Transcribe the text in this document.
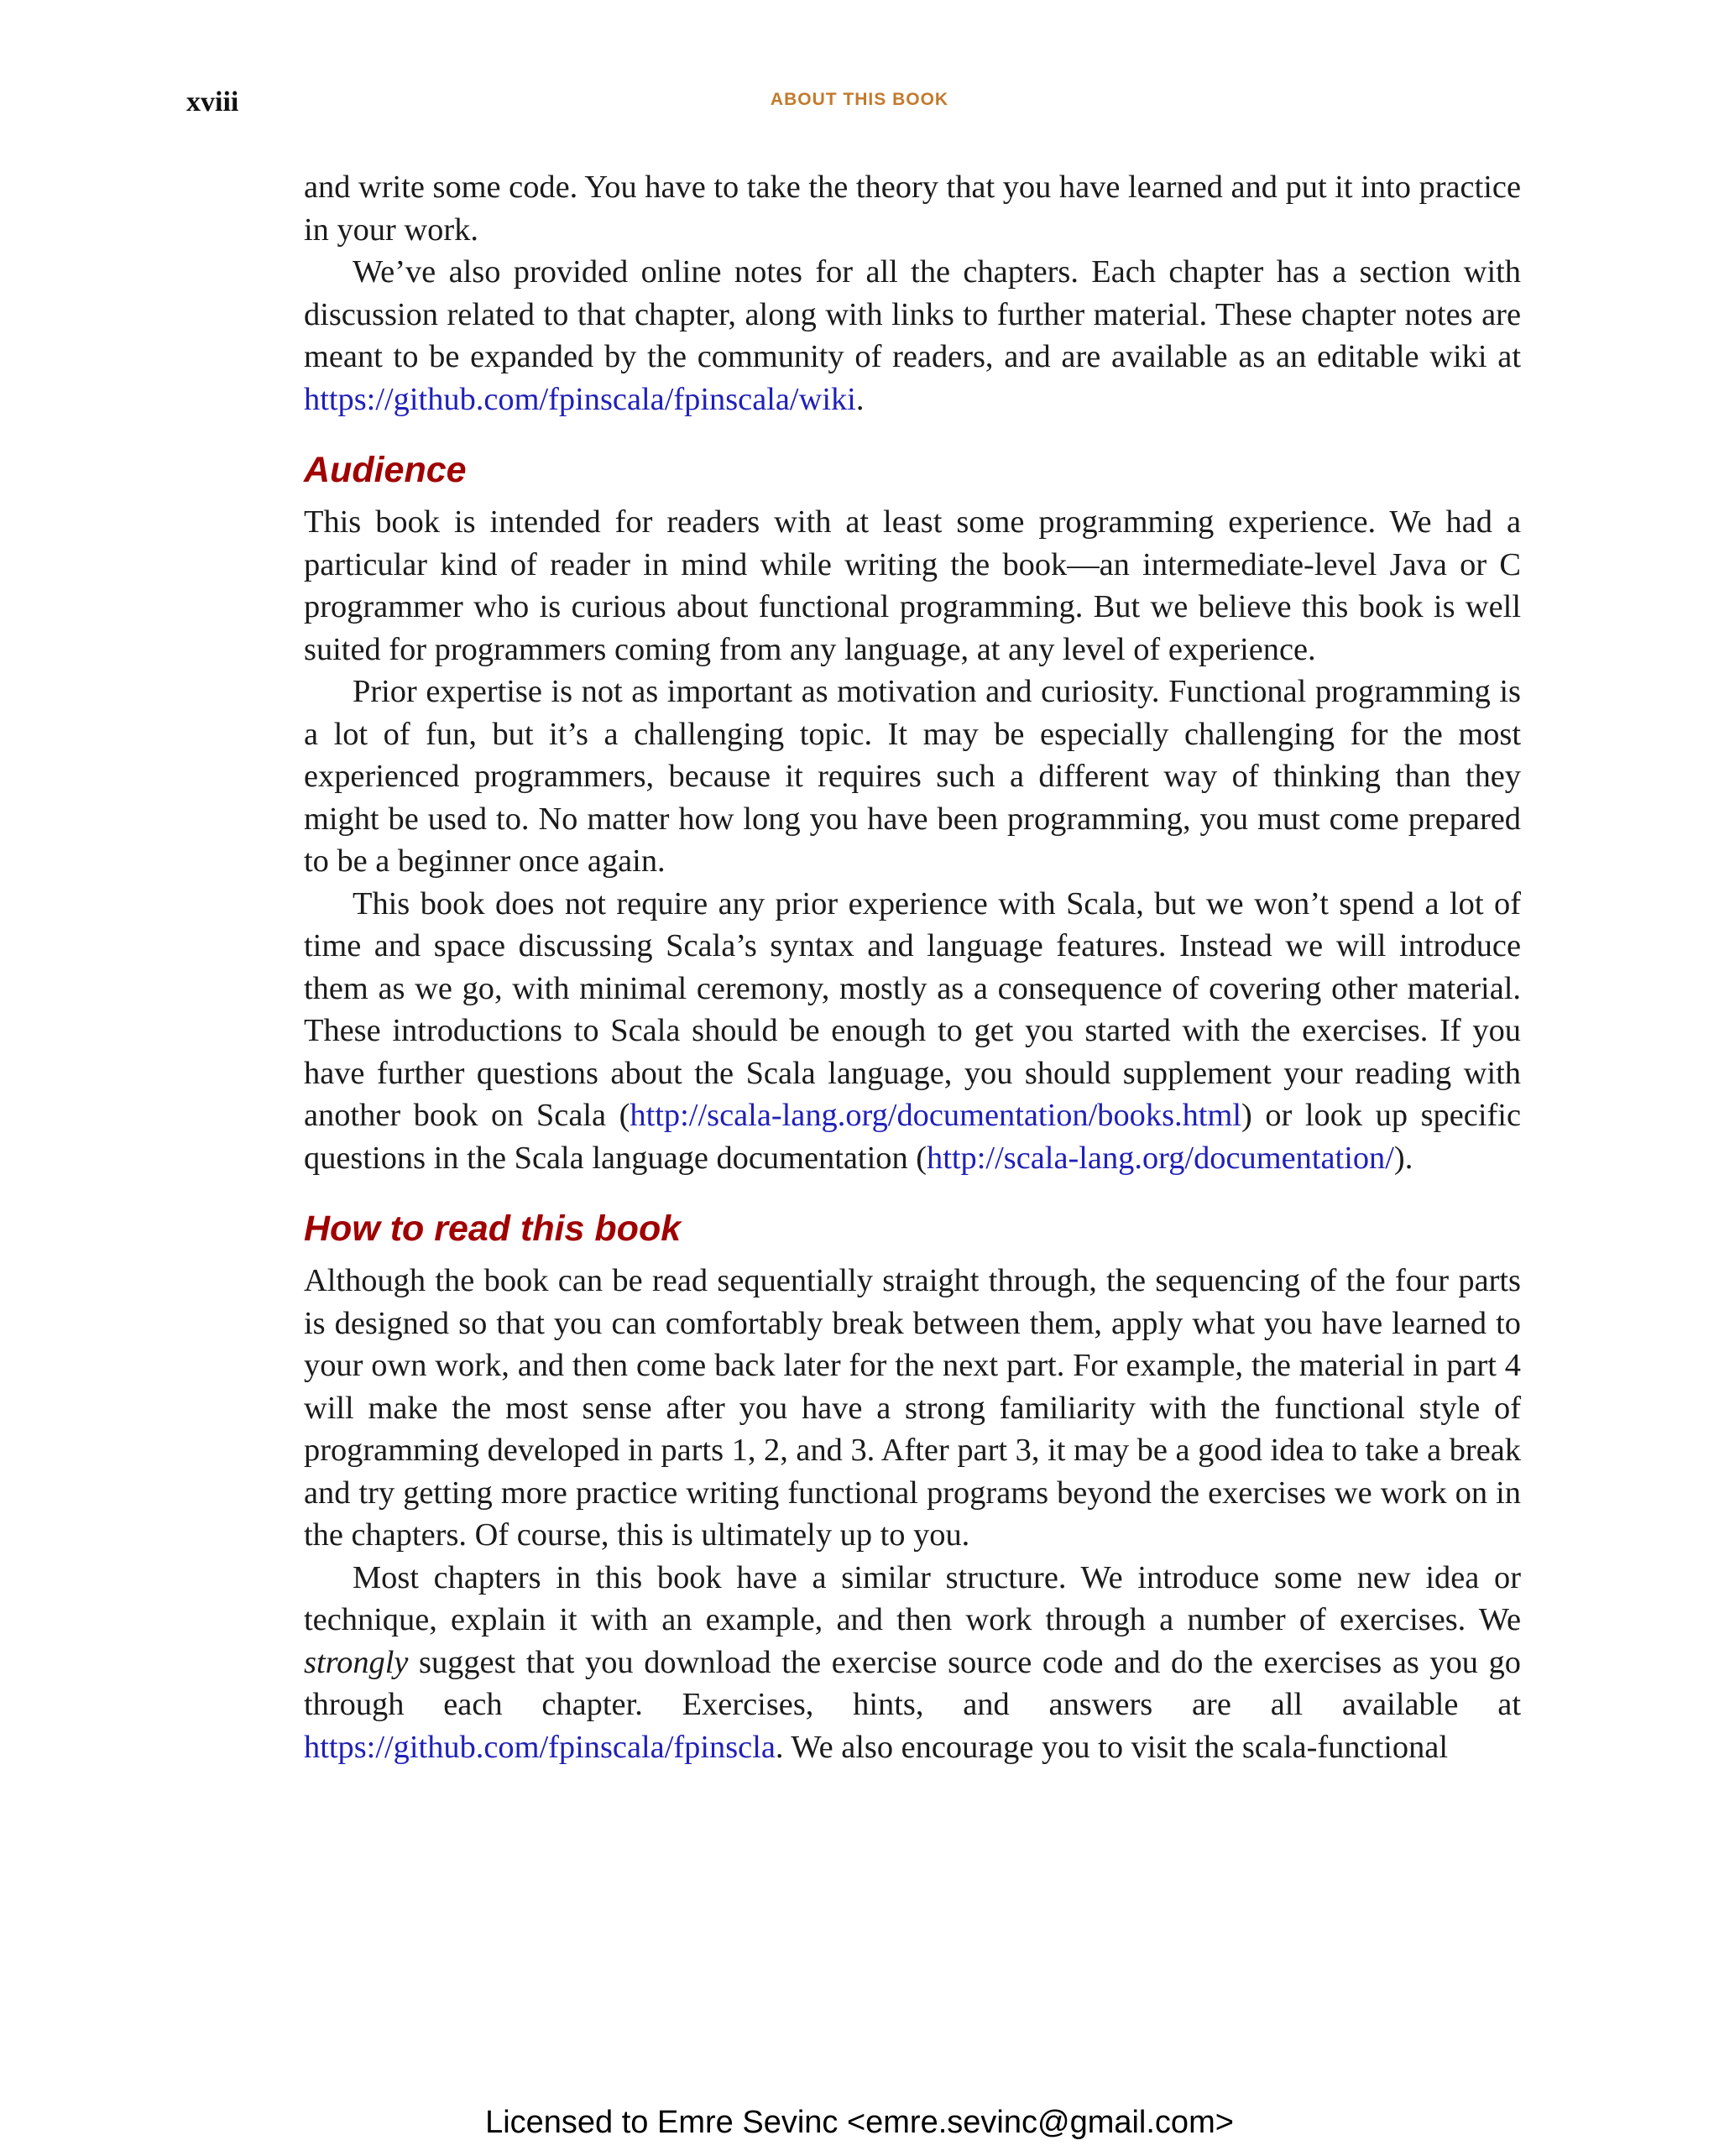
xviii	ABOUT THIS BOOK

and write some code. You have to take the theory that you have learned and put it into practice in your work.

We’ve also provided online notes for all the chapters. Each chapter has a section with discussion related to that chapter, along with links to further material. These chapter notes are meant to be expanded by the community of readers, and are available as an editable wiki at https://github.com/fpinscala/fpinscala/wiki.

Audience

This book is intended for readers with at least some programming experience. We had a particular kind of reader in mind while writing the book—an intermediate-level Java or C programmer who is curious about functional programming. But we believe this book is well suited for programmers coming from any language, at any level of experience.

Prior expertise is not as important as motivation and curiosity. Functional programming is a lot of fun, but it’s a challenging topic. It may be especially challenging for the most experienced programmers, because it requires such a different way of thinking than they might be used to. No matter how long you have been programming, you must come prepared to be a beginner once again.

This book does not require any prior experience with Scala, but we won’t spend a lot of time and space discussing Scala’s syntax and language features. Instead we will introduce them as we go, with minimal ceremony, mostly as a consequence of covering other material. These introductions to Scala should be enough to get you started with the exercises. If you have further questions about the Scala language, you should supplement your reading with another book on Scala (http://scala-lang.org/documentation/books.html) or look up specific questions in the Scala language documentation (http://scala-lang.org/documentation/).

How to read this book

Although the book can be read sequentially straight through, the sequencing of the four parts is designed so that you can comfortably break between them, apply what you have learned to your own work, and then come back later for the next part. For example, the material in part 4 will make the most sense after you have a strong familiarity with the functional style of programming developed in parts 1, 2, and 3. After part 3, it may be a good idea to take a break and try getting more practice writing functional programs beyond the exercises we work on in the chapters. Of course, this is ultimately up to you.

Most chapters in this book have a similar structure. We introduce some new idea or technique, explain it with an example, and then work through a number of exercises. We strongly suggest that you download the exercise source code and do the exercises as you go through each chapter. Exercises, hints, and answers are all available at https://github.com/fpinscala/fpinscla. We also encourage you to visit the scala-functional

Licensed to Emre Sevinc <emre.sevinc@gmail.com>
